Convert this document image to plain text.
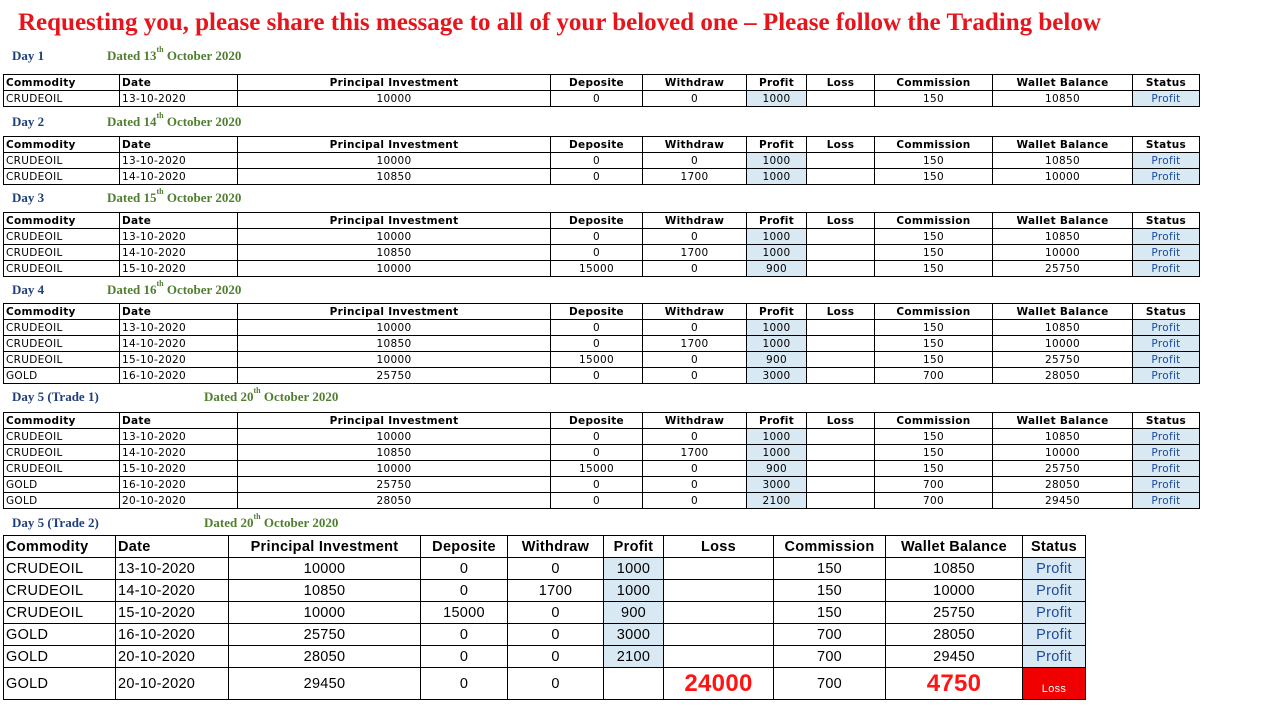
Requesting you, please share this message to all of your beloved one – Please follow the Trading below
Day 1	Dated 13th October 2020
Commodity	Date	Principal Investment	Deposite	Withdraw	Profit	Loss	Commission	Wallet Balance	Status
CRUDEOIL	13-10-2020	10000	0	0	1000		150	10850	Profit
Day 2	Dated 14th October 2020
Commodity	Date	Principal Investment	Deposite	Withdraw	Profit	Loss	Commission	Wallet Balance	Status
CRUDEOIL	13-10-2020	10000	0	0	1000		150	10850	Profit
CRUDEOIL	14-10-2020	10850	0	1700	1000		150	10000	Profit
Day 3	Dated 15th October 2020
Commodity	Date	Principal Investment	Deposite	Withdraw	Profit	Loss	Commission	Wallet Balance	Status
CRUDEOIL	13-10-2020	10000	0	0	1000		150	10850	Profit
CRUDEOIL	14-10-2020	10850	0	1700	1000		150	10000	Profit
CRUDEOIL	15-10-2020	10000	15000	0	900		150	25750	Profit
Day 4	Dated 16th October 2020
Commodity	Date	Principal Investment	Deposite	Withdraw	Profit	Loss	Commission	Wallet Balance	Status
CRUDEOIL	13-10-2020	10000	0	0	1000		150	10850	Profit
CRUDEOIL	14-10-2020	10850	0	1700	1000		150	10000	Profit
CRUDEOIL	15-10-2020	10000	15000	0	900		150	25750	Profit
GOLD	16-10-2020	25750	0	0	3000		700	28050	Profit
Day 5 (Trade 1)	Dated 20th October 2020
Commodity	Date	Principal Investment	Deposite	Withdraw	Profit	Loss	Commission	Wallet Balance	Status
CRUDEOIL	13-10-2020	10000	0	0	1000		150	10850	Profit
CRUDEOIL	14-10-2020	10850	0	1700	1000		150	10000	Profit
CRUDEOIL	15-10-2020	10000	15000	0	900		150	25750	Profit
GOLD	16-10-2020	25750	0	0	3000		700	28050	Profit
GOLD	20-10-2020	28050	0	0	2100		700	29450	Profit
Day 5 (Trade 2)	Dated 20th October 2020
Commodity	Date	Principal Investment	Deposite	Withdraw	Profit	Loss	Commission	Wallet Balance	Status
CRUDEOIL	13-10-2020	10000	0	0	1000		150	10850	Profit
CRUDEOIL	14-10-2020	10850	0	1700	1000		150	10000	Profit
CRUDEOIL	15-10-2020	10000	15000	0	900		150	25750	Profit
GOLD	16-10-2020	25750	0	0	3000		700	28050	Profit
GOLD	20-10-2020	28050	0	0	2100		700	29450	Profit
GOLD	20-10-2020	29450	0	0		24000	700	4750	Loss
